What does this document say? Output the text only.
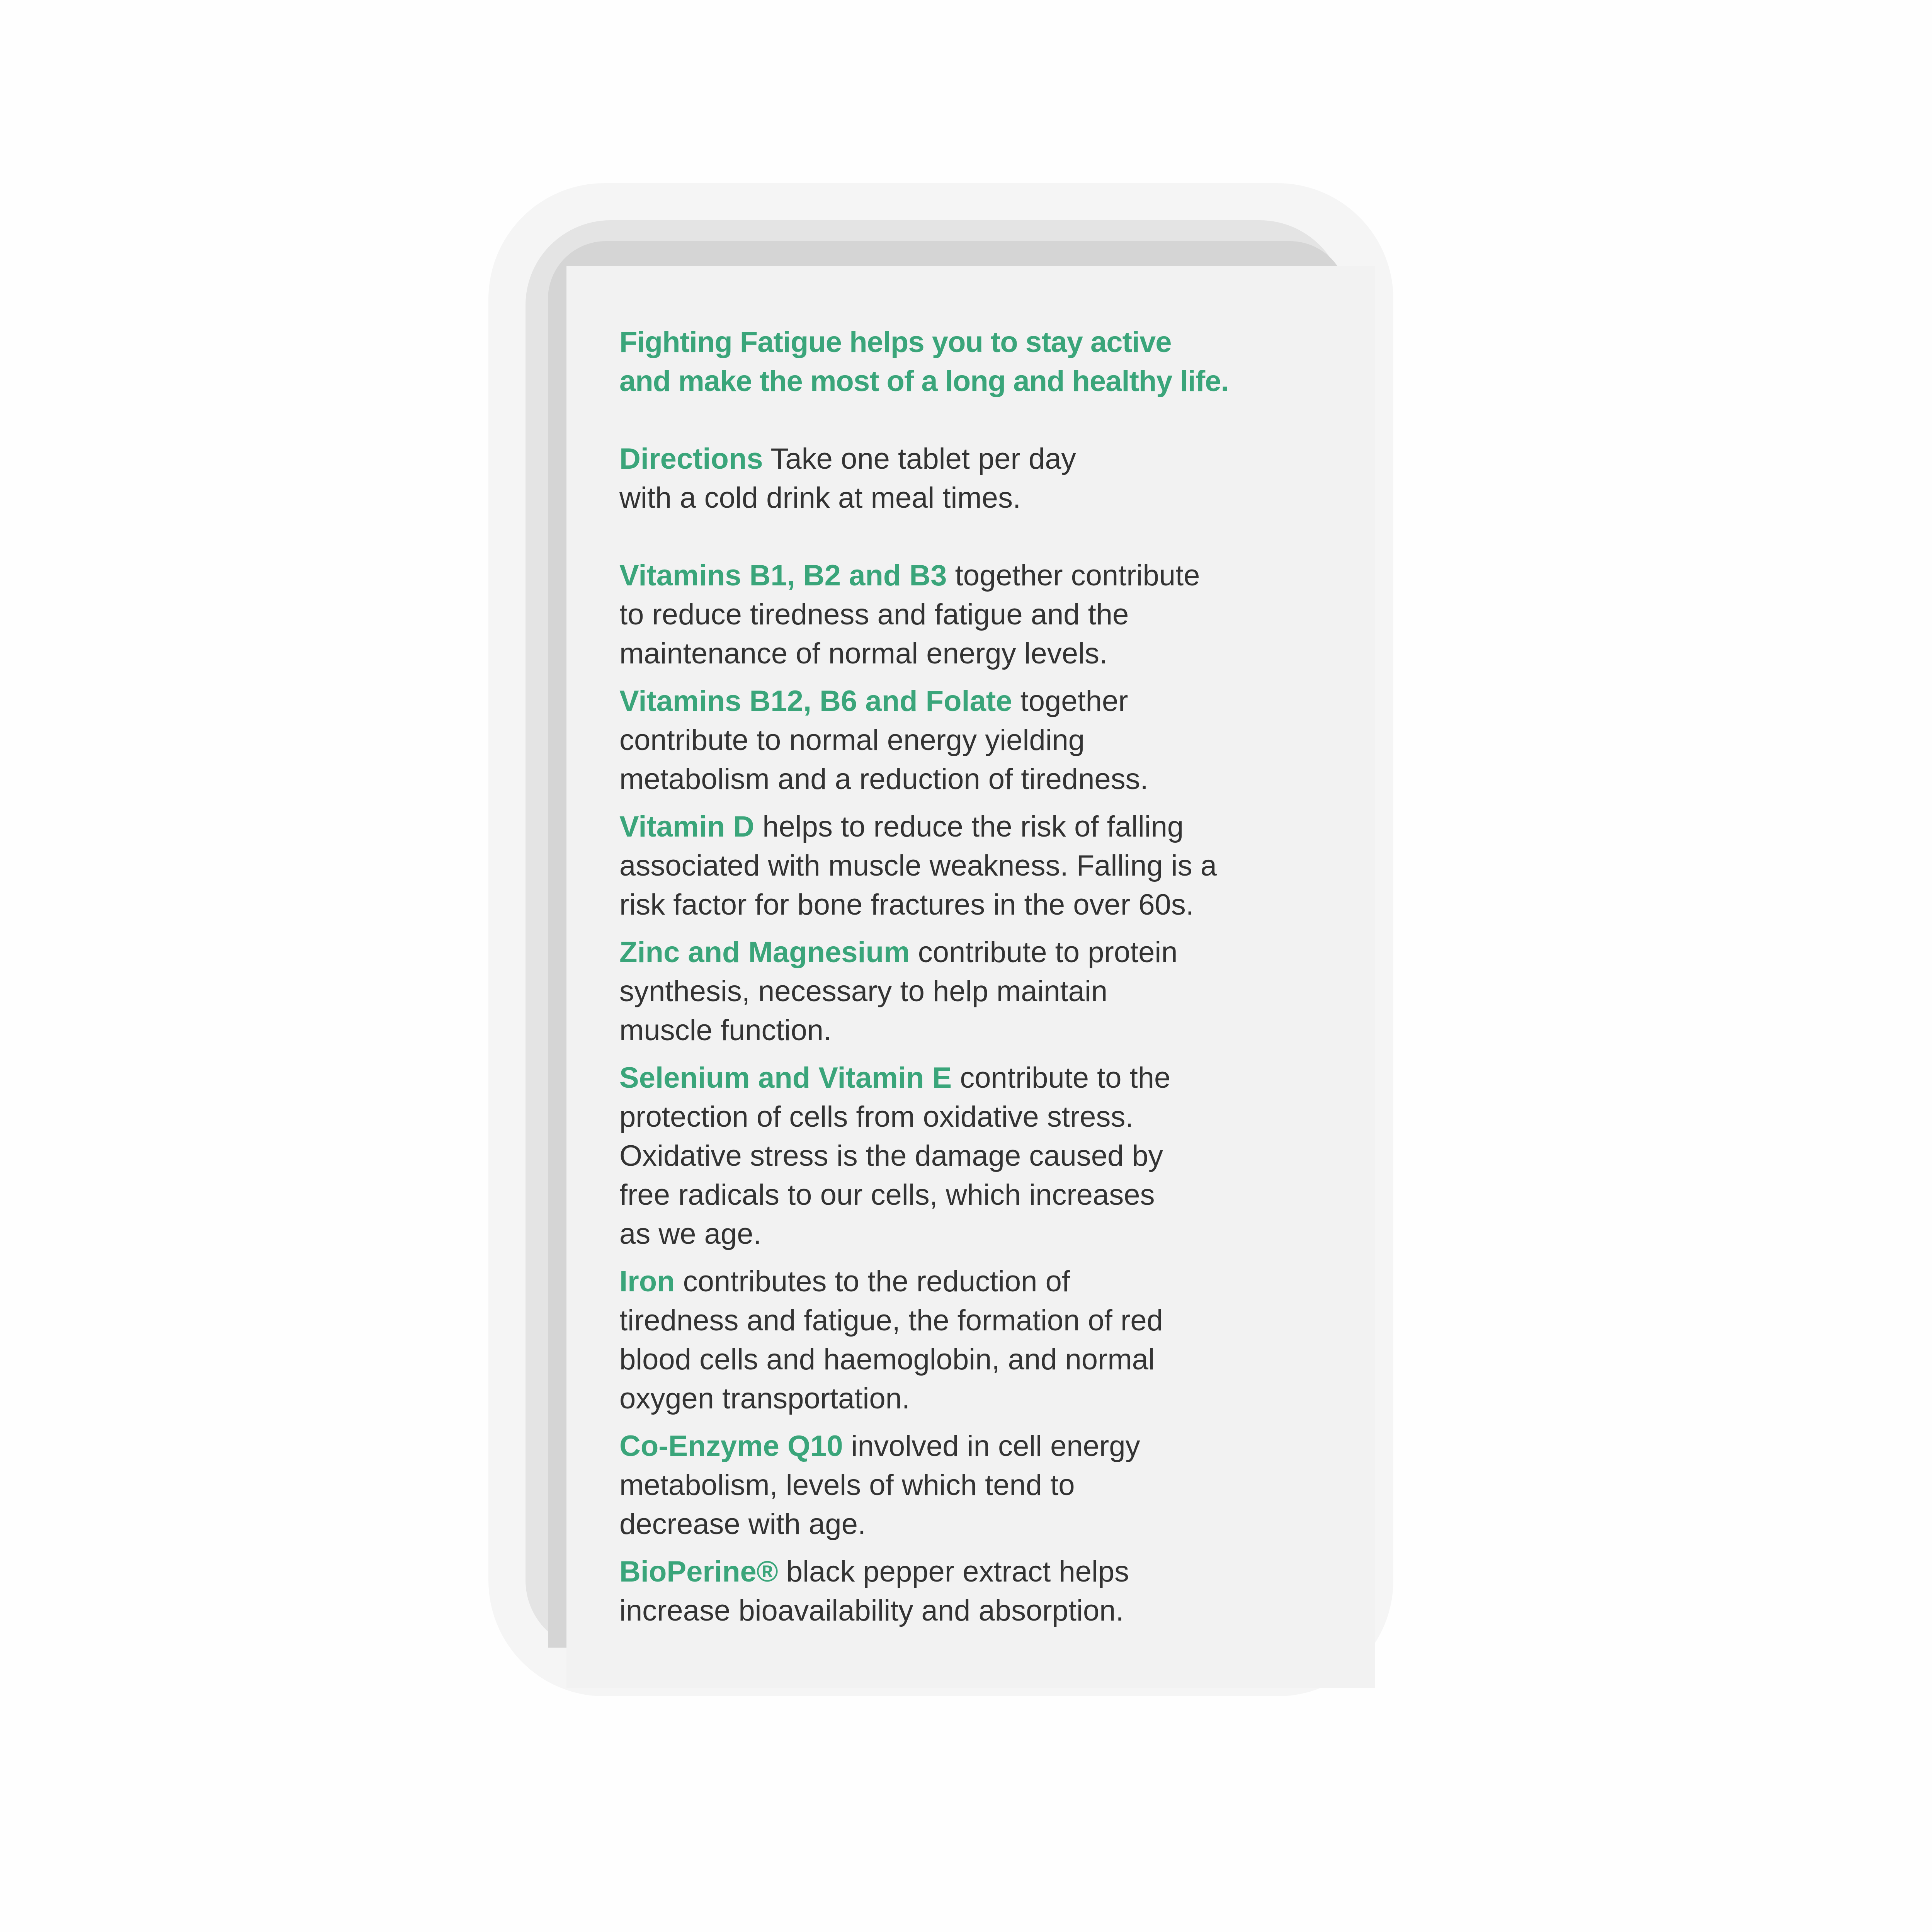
Fighting Fatigue helps you to stay active
and make the most of a long and healthy life.
Directions Take one tablet per day
with a cold drink at meal times.
Vitamins B1, B2 and B3 together contribute
to reduce tiredness and fatigue and the
maintenance of normal energy levels.
Vitamins B12, B6 and Folate together
contribute to normal energy yielding
metabolism and a reduction of tiredness.
Vitamin D helps to reduce the risk of falling
associated with muscle weakness. Falling is a
risk factor for bone fractures in the over 60s.
Zinc and Magnesium contribute to protein
synthesis, necessary to help maintain
muscle function.
Selenium and Vitamin E contribute to the
protection of cells from oxidative stress.
Oxidative stress is the damage caused by
free radicals to our cells, which increases
as we age.
Iron contributes to the reduction of
tiredness and fatigue, the formation of red
blood cells and haemoglobin, and normal
oxygen transportation.
Co-Enzyme Q10 involved in cell energy
metabolism, levels of which tend to
decrease with age.
BioPerine® black pepper extract helps
increase bioavailability and absorption.
